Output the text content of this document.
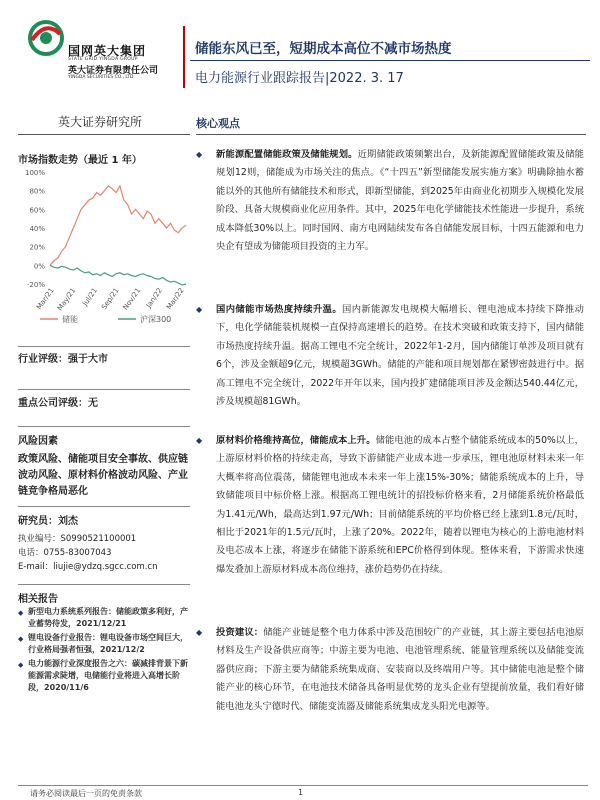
国网英大集团
STATE GRID YINGDA GROUP
英大证券有限责任公司
YINGDA SECURITIES CO., LTD.
储能东风已至，短期成本高位不减市场热度
电力能源行业跟踪报告|2022. 3. 17
英大证券研究所
市场指数走势（最近 1 年）
-20%
0%
20%
40%
60%
80%
100%
Mar/21 May/21 Jul/21 Sep/21 Nov/21 Jan/22 Mar/22
储能	沪深300
行业评级：强于大市
重点公司评级：无
风险因素
政策风险、储能项目安全事故、供应链波动风险、原材料价格波动风险、产业链竞争格局恶化
研究员：刘杰
执业编号：S0990521100001
电话：0755-83007043
E-mail：liujie@ydzq.sgcc.com.cn
相关报告
◆ 新型电力系统系列报告：储能政策多利好，产业蓄势待发，2021/12/21
◆ 锂电设备行业报告：锂电设备市场空间巨大，行业格局强者恒强，2021/12/2
◆ 电力能源行业深度报告之六：碳减排背景下新能源需求陡增，电储能行业将进入高增长阶段，2020/11/6
核心观点
◆ 新能源配置储能政策及储能规划。近期储能政策频繁出台，及新能源配置储能政策及储能规划12则，储能成为市场关注的焦点。《“十四五”新型储能发展实施方案》明确除抽水蓄能以外的其他所有储能技术和形式，即新型储能，到2025年由商业化初期步入规模化发展阶段、具备大规模商业化应用条件。其中，2025年电化学储能技术性能进一步提升，系统成本降低30%以上。同时国网、南方电网陆续发布各自储能发展目标，十四五能源和电力央企有望成为储能项目投资的主力军。
◆ 国内储能市场热度持续升温。国内新能源发电规模大幅增长、锂电池成本持续下降推动下，电化学储能装机规模一直保持高速增长的趋势。在技术突破和政策支持下，国内储能市场热度持续升温。据高工锂电不完全统计，2022年1-2月，国内储能订单涉及项目就有6个，涉及金额超9亿元，规模超3GWh。储能的产能和项目规划都在紧锣密鼓进行中。据高工锂电不完全统计，2022年开年以来，国内投扩建储能项目涉及金额达540.44亿元，涉及规模超81GWh。
◆ 原材料价格维持高位，储能成本上升。储能电池的成本占整个储能系统成本的50%以上，上游原材料价格的持续走高，导致下游储能产业成本进一步承压，锂电池原材料未来一年大概率将高位震荡，储能锂电池成本未来一年上涨15%-30%；储能系统成本的上升，导致储能项目中标价格上涨。根据高工锂电统计的招投标价格来看，2月储能系统价格最低为1.41元/Wh，最高达到1.97元/Wh；目前储能系统的平均价格已经上涨到1.8元/瓦时，相比于2021年的1.5元/瓦时，上涨了20%。2022年，随着以锂电为核心的上游电池材料及电芯成本上涨，将逐步在储能下游系统和EPC价格得到体现。整体来看，下游需求快速爆发叠加上游原材料成本高位维持，涨价趋势仍在持续。
◆ 投资建议：储能产业链是整个电力体系中涉及范围较广的产业链，其上游主要包括电池原材料及生产设备供应商等；中游主要为电池、电池管理系统、能量管理系统以及储能变流器供应商；下游主要为储能系统集成商、安装商以及终端用户等。其中储能电池是整个储能产业的核心环节，在电池技术储备具备明显优势的龙头企业有望提前放量，我们看好储能电池龙头宁德时代、储能变流器及储能系统集成龙头阳光电源等。
请务必阅读最后一页的免责条款	1
